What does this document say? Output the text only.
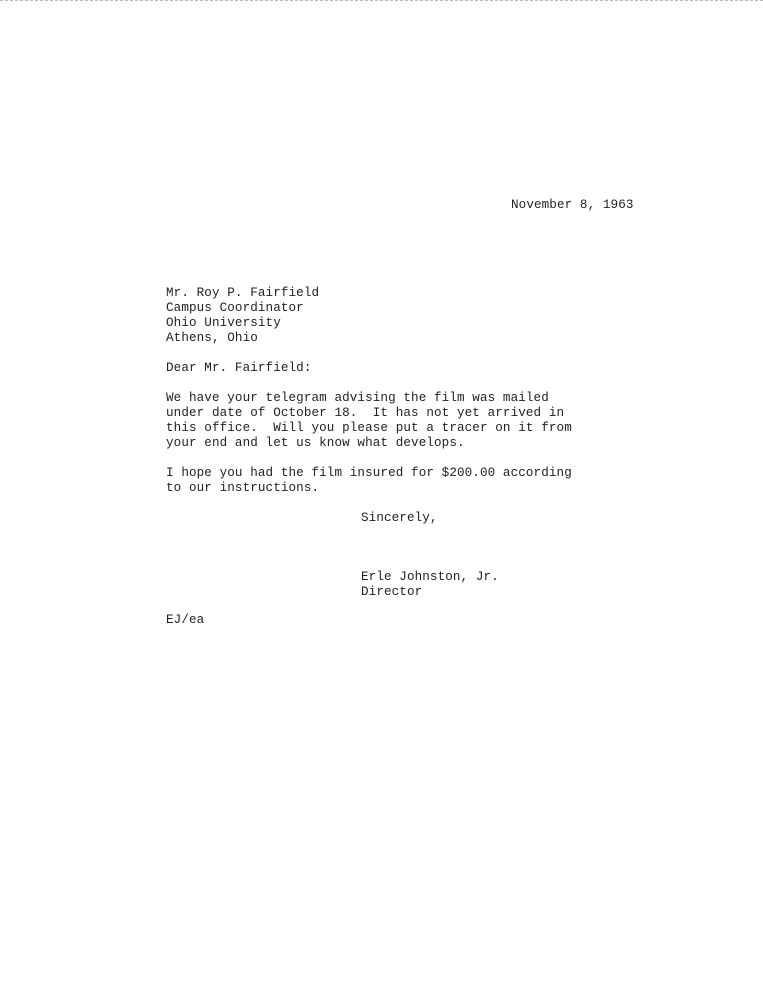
November 8, 1963
Mr. Roy P. Fairfield
Campus Coordinator
Ohio University
Athens, Ohio
Dear Mr. Fairfield:
We have your telegram advising the film was mailed
under date of October 18.  It has not yet arrived in
this office.  Will you please put a tracer on it from
your end and let us know what develops.
I hope you had the film insured for $200.00 according
to our instructions.
Sincerely,
Erle Johnston, Jr.
Director
EJ/ea
